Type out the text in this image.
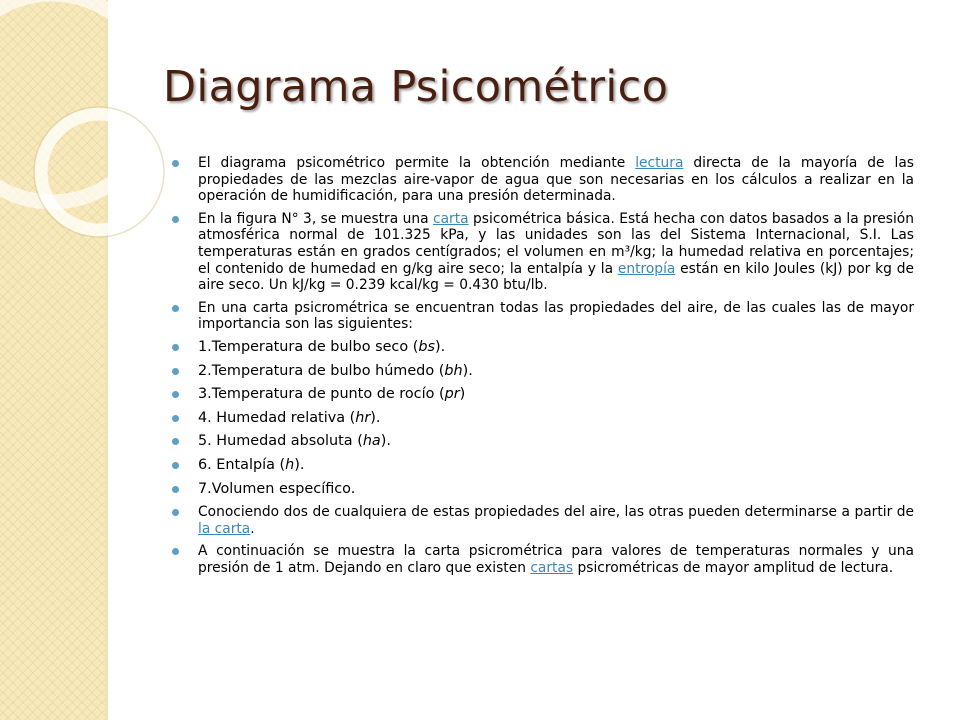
Diagrama Psicométrico
El diagrama psicométrico permite la obtención mediante lectura directa de la mayoría de las propiedades de las mezclas aire-vapor de agua que son necesarias en los cálculos a realizar en la operación de humidificación, para una presión determinada.
En la figura N° 3, se muestra una carta psicométrica básica. Está hecha con datos basados a la presión atmosférica normal de 101.325 kPa, y las unidades son las del Sistema Internacional, S.I. Las temperaturas están en grados centígrados; el volumen en m³/kg; la humedad relativa en porcentajes; el contenido de humedad en g/kg aire seco; la entalpía y la entropía están en kilo Joules (kJ) por kg de aire seco. Un kJ/kg = 0.239 kcal/kg = 0.430 btu/lb.
En una carta psicrométrica se encuentran todas las propiedades del aire, de las cuales las de mayor importancia son las siguientes:
1.Temperatura de bulbo seco (bs).
2.Temperatura de bulbo húmedo (bh).
3.Temperatura de punto de rocío (pr)
4. Humedad relativa (hr).
5. Humedad absoluta (ha).
6. Entalpía (h).
7.Volumen específico.
Conociendo dos de cualquiera de estas propiedades del aire, las otras pueden determinarse a partir de la carta.
A continuación se muestra la carta psicrométrica para valores de temperaturas normales y una presión de 1 atm. Dejando en claro que existen cartas psicrométricas de mayor amplitud de lectura.
